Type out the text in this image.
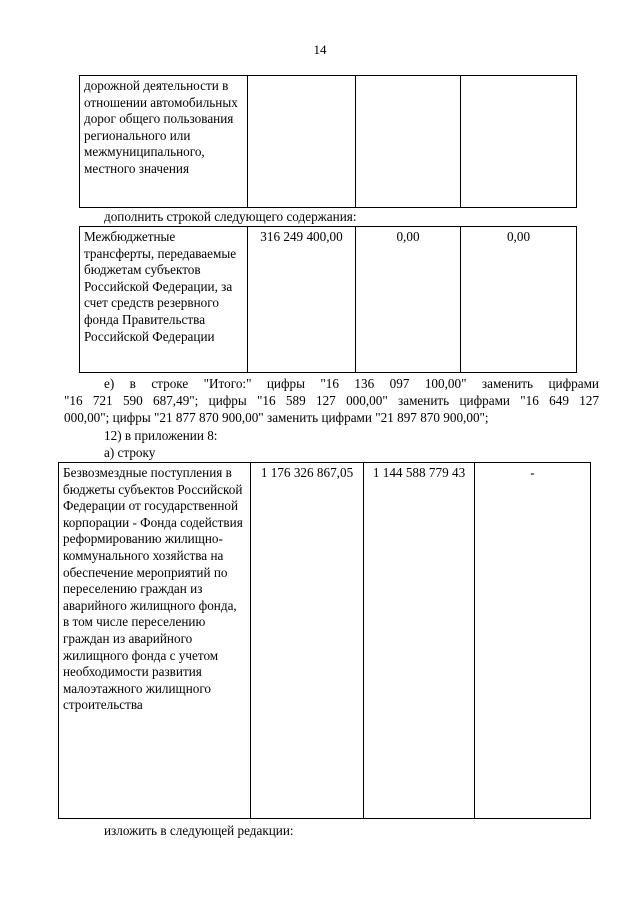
14
дорожной деятельности в отношении автомобильных дорог общего пользования регионального или межмуниципального, местного значения			
дополнить строкой следующего содержания:
Межбюджетные трансферты, передаваемые бюджетам субъектов Российской Федерации, за счет средств резервного фонда Правительства Российской Федерации	316 249 400,00	0,00	0,00
е) в строке "Итого:" цифры "16 136 097 100,00" заменить цифрами
"16 721 590 687,49"; цифры "16 589 127 000,00" заменить цифрами "16 649 127
000,00"; цифры "21 877 870 900,00" заменить цифрами "21 897 870 900,00";
12) в приложении 8:
а) строку
Безвозмездные поступления в бюджеты субъектов Российской Федерации от государственной корпорации - Фонда содействия реформированию жилищно-коммунального хозяйства на обеспечение мероприятий по переселению граждан из аварийного жилищного фонда, в том числе переселению граждан из аварийного жилищного фонда с учетом необходимости развития малоэтажного жилищного строительства	1 176 326 867,05	1 144 588 779 43	-
изложить в следующей редакции:
